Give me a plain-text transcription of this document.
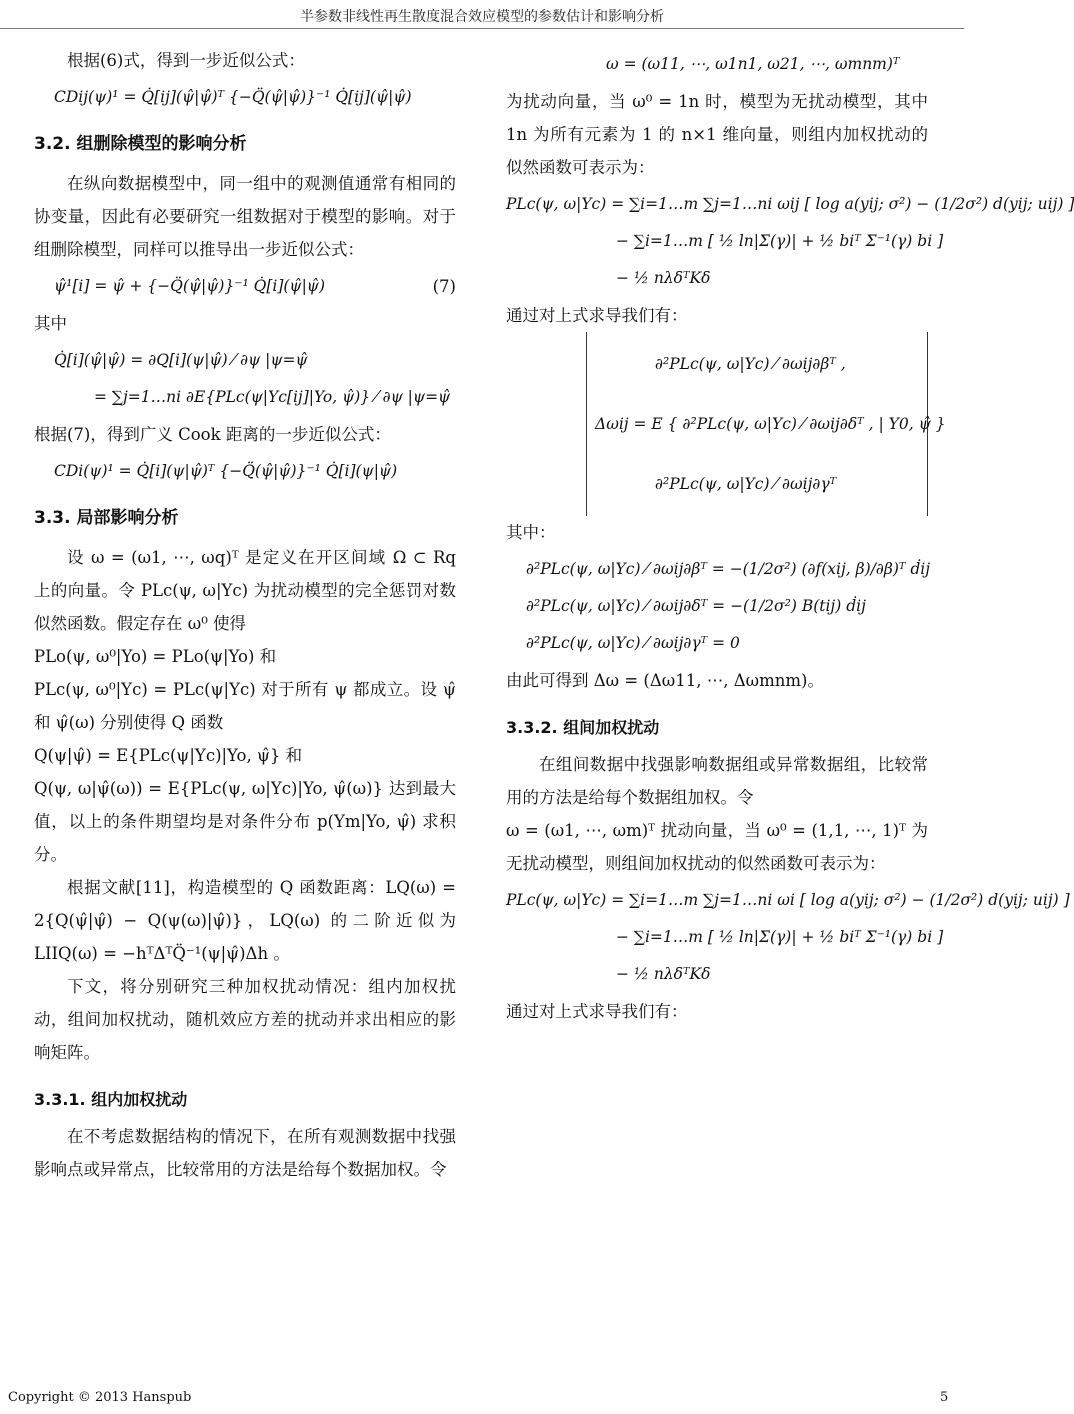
半参数非线性再生散度混合效应模型的参数估计和影响分析

根据(6)式，得到一步近似公式：

CDij(ψ)¹ = Q̇[ij](ψ̂|ψ̂)ᵀ {−Q̈(ψ̂|ψ̂)}⁻¹ Q̇[ij](ψ̂|ψ̂)
3.2. 组删除模型的影响分析

在纵向数据模型中，同一组中的观测值通常有相同的协变量，因此有必要研究一组数据对于模型的影响。对于组删除模型，同样可以推导出一步近似公式：

ψ̂¹[i] = ψ̂ + {−Q̈(ψ̂|ψ̂)}⁻¹ Q̇[i](ψ̂|ψ̂)	(7)

其中

Q̇[i](ψ̂|ψ̂) = ∂Q[i](ψ|ψ̂) ⁄ ∂ψ |ψ=ψ̂
= ∑j=1…ni ∂E{PLc(ψ|Yc[ij]|Yo, ψ̂)} ⁄ ∂ψ |ψ=ψ̂

根据(7)，得到广义 Cook 距离的一步近似公式：

CDi(ψ)¹ = Q̇[i](ψ|ψ̂)ᵀ {−Q̈(ψ̂|ψ̂)}⁻¹ Q̇[i](ψ|ψ̂)
3.3. 局部影响分析

设 ω = (ω1, ⋯, ωq)ᵀ 是定义在开区间域 Ω ⊂ Rq 上的向量。令 PLc(ψ, ω|Yc) 为扰动模型的完全惩罚对数似然函数。假定存在 ω⁰ 使得

PLo(ψ, ω⁰|Yo) = PLo(ψ|Yo) 和

PLc(ψ, ω⁰|Yc) = PLc(ψ|Yc) 对于所有 ψ 都成立。设 ψ̂ 和 ψ̂(ω) 分别使得 Q 函数

Q(ψ|ψ̂) = E{PLc(ψ|Yc)|Yo, ψ̂} 和

Q(ψ, ω|ψ̂(ω)) = E{PLc(ψ, ω|Yc)|Yo, ψ̂(ω)} 达到最大值，以上的条件期望均是对条件分布 p(Ym|Yo, ψ̂) 求积分。

根据文献[11]，构造模型的 Q 函数距离：LQ(ω) = 2{Q(ψ̂|ψ̂) − Q(ψ(ω)|ψ̂)}，LQ(ω) 的二阶近似为 LIIQ(ω) = −hᵀΔᵀQ̈⁻¹(ψ|ψ̂)Δh 。

下文，将分别研究三种加权扰动情况：组内加权扰动，组间加权扰动，随机效应方差的扰动并求出相应的影响矩阵。

3.3.1. 组内加权扰动

在不考虑数据结构的情况下，在所有观测数据中找强影响点或异常点，比较常用的方法是给每个数据加权。令

ω = (ω11, ⋯, ω1n1, ω21, ⋯, ωmnm)ᵀ

为扰动向量，当 ω⁰ = 1n 时，模型为无扰动模型，其中 1n 为所有元素为 1 的 n×1 维向量，则组内加权扰动的似然函数可表示为：

PLc(ψ, ω|Yc) = ∑i=1…m ∑j=1…ni ωij [ log a(yij; σ²) − (1/2σ²) d(yij; uij) ]
− ∑i=1…m [ ½ ln|Σ(γ)| + ½ biᵀ Σ⁻¹(γ) bi ]
− ½ nλδᵀKδ

通过对上式求导我们有：

∂²PLc(ψ, ω|Yc) ⁄ ∂ωij∂βᵀ ,
Δωij = E { ∂²PLc(ψ, ω|Yc) ⁄ ∂ωij∂δᵀ , | Y0, ψ̂ }
∂²PLc(ψ, ω|Yc) ⁄ ∂ωij∂γᵀ

其中：

∂²PLc(ψ, ω|Yc) ⁄ ∂ωij∂βᵀ = −(1/2σ²) (∂f(xij, β)/∂β)ᵀ ḋij
∂²PLc(ψ, ω|Yc) ⁄ ∂ωij∂δᵀ = −(1/2σ²) B(tij) ḋij
∂²PLc(ψ, ω|Yc) ⁄ ∂ωij∂γᵀ = 0

由此可得到 Δω = (Δω11, ⋯, Δωmnm)。

3.3.2. 组间加权扰动

在组间数据中找强影响数据组或异常数据组，比较常用的方法是给每个数据组加权。令

ω = (ω1, ⋯, ωm)ᵀ 扰动向量，当 ω⁰ = (1,1, ⋯, 1)ᵀ 为无扰动模型，则组间加权扰动的似然函数可表示为：

PLc(ψ, ω|Yc) = ∑i=1…m ∑j=1…ni ωi [ log a(yij; σ²) − (1/2σ²) d(yij; uij) ]
− ∑i=1…m [ ½ ln|Σ(γ)| + ½ biᵀ Σ⁻¹(γ) bi ]
− ½ nλδᵀKδ

通过对上式求导我们有：

Copyright © 2013 Hanspub	5
